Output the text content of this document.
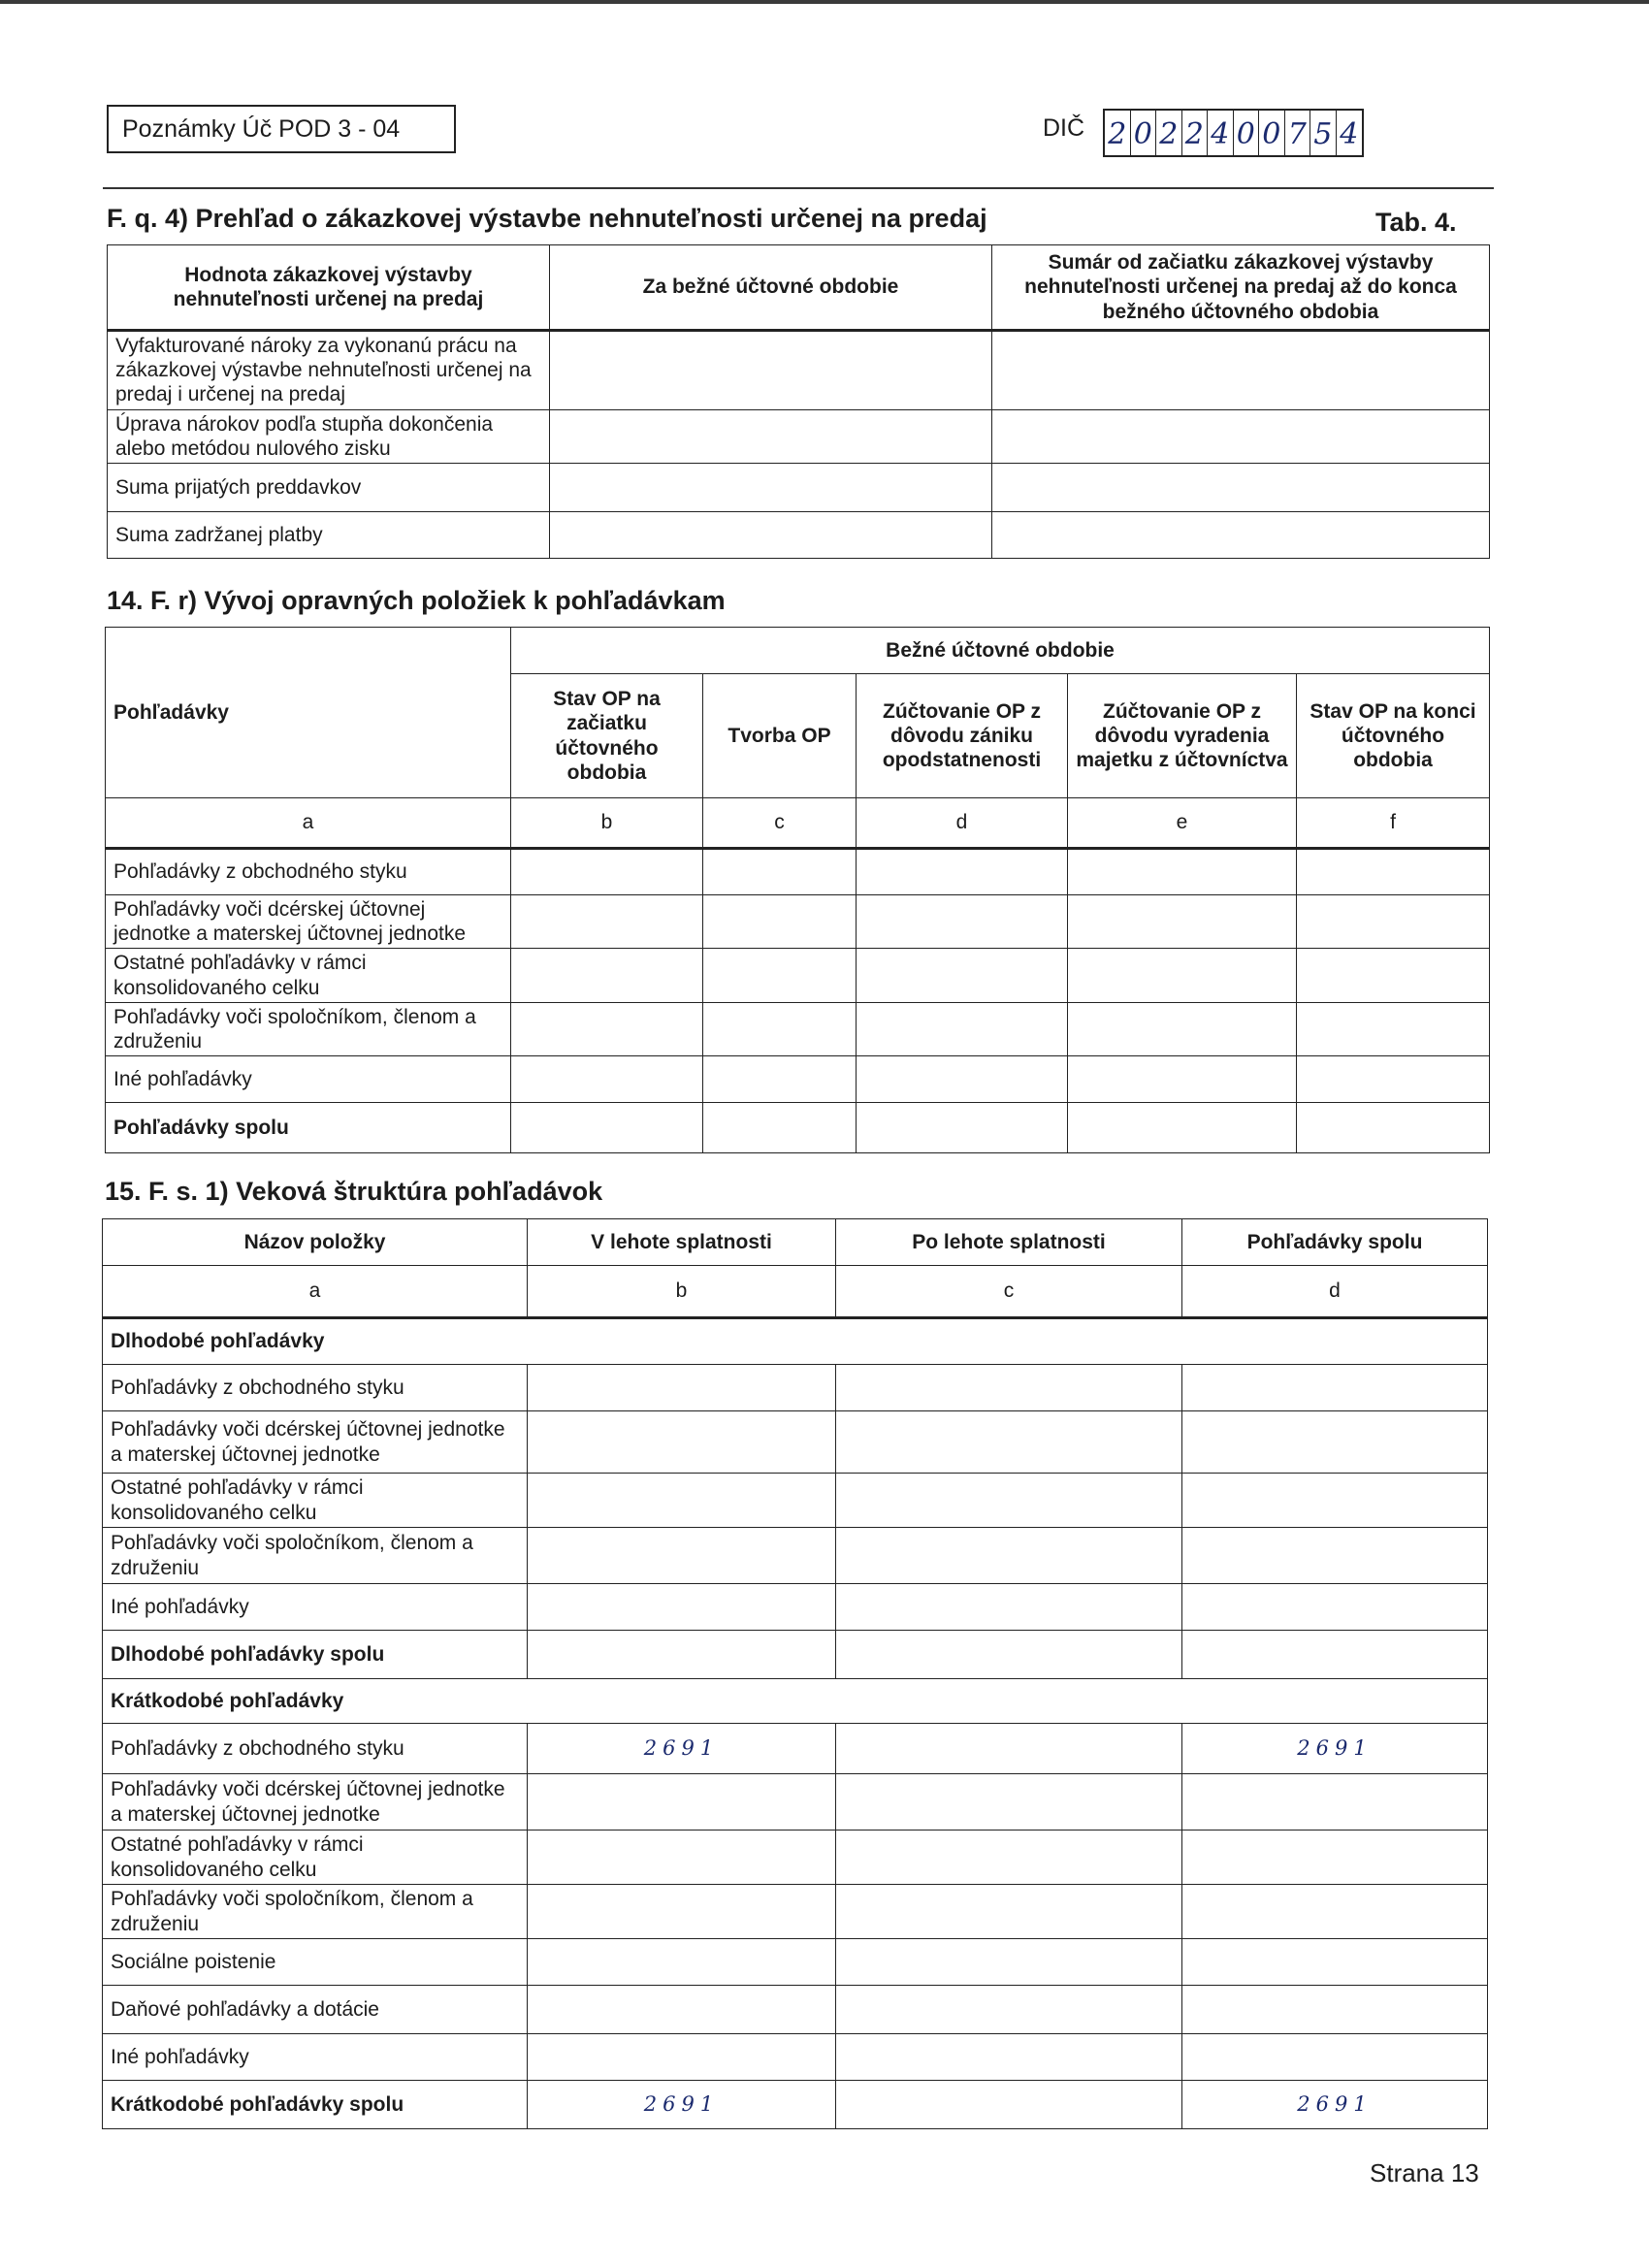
Poznámky Úč POD 3 - 04	DIČ 2 0 2 2 4 0 0 7 5 4
F. q. 4) Prehľad o zákazkovej výstavbe nehnuteľnosti určenej na predaj	Tab. 4.
Hodnota zákazkovej výstavby nehnuteľnosti určenej na predaj	Za bežné účtovné obdobie	Sumár od začiatku zákazkovej výstavby nehnuteľnosti určenej na predaj až do konca bežného účtovného obdobia
Vyfakturované nároky za vykonanú prácu na zákazkovej výstavbe nehnuteľnosti určenej na predaj i určenej na predaj		
Úprava nárokov podľa stupňa dokončenia alebo metódou nulového zisku		
Suma prijatých preddavkov		
Suma zadržanej platby		
14. F. r) Vývoj opravných položiek k pohľadávkam
Pohľadávky	Bežné účtovné obdobie				
	Stav OP na začiatku účtovného obdobia	Tvorba OP	Zúčtovanie OP z dôvodu zániku opodstatnenosti	Zúčtovanie OP z dôvodu vyradenia majetku z účtovníctva	Stav OP na konci účtovného obdobia
a	b	c	d	e	f
Pohľadávky z obchodného styku					
Pohľadávky voči dcérskej účtovnej jednotke a materskej účtovnej jednotke					
Ostatné pohľadávky v rámci konsolidovaného celku					
Pohľadávky voči spoločníkom, členom a združeniu					
Iné pohľadávky					
Pohľadávky spolu					
15. F. s. 1) Veková štruktúra pohľadávok
Názov položky	V lehote splatnosti	Po lehote splatnosti	Pohľadávky spolu
a	b	c	d
Dlhodobé pohľadávky			
Pohľadávky z obchodného styku			
Pohľadávky voči dcérskej účtovnej jednotke a materskej účtovnej jednotke			
Ostatné pohľadávky v rámci konsolidovaného celku			
Pohľadávky voči spoločníkom, členom a združeniu			
Iné pohľadávky			
Dlhodobé pohľadávky spolu			
Krátkodobé pohľadávky			
Pohľadávky z obchodného styku	2691		2691
Pohľadávky voči dcérskej účtovnej jednotke a materskej účtovnej jednotke			
Ostatné pohľadávky v rámci konsolidovaného celku			
Pohľadávky voči spoločníkom, členom a združeniu			
Sociálne poistenie			
Daňové pohľadávky a dotácie			
Iné pohľadávky			
Krátkodobé pohľadávky spolu	2691		2691
Strana 13
